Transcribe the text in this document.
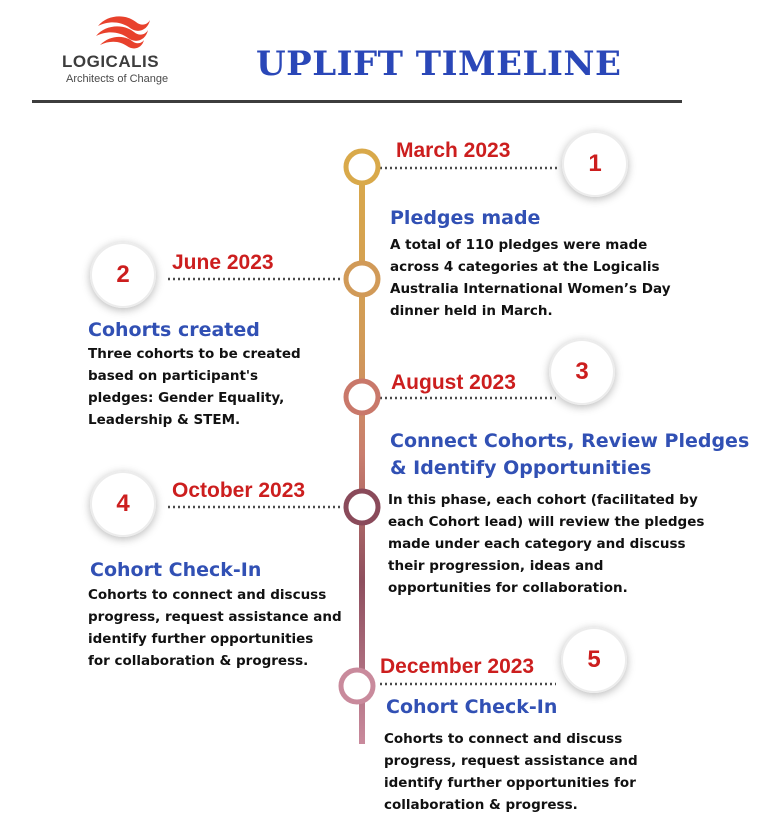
LOGICALIS
Architects of Change	UPLIFT TIMELINE
March 2023	1
Pledges made
A total of 110 pledges were made
across 4 categories at the Logicalis
Australia International Women’s Day
dinner held in March.
June 2023
2
Cohorts created
Three cohorts to be created
based on participant's
pledges: Gender Equality,
Leadership & STEM.
August 2023	3
Connect Cohorts, Review Pledges
& Identify Opportunities
In this phase, each cohort (facilitated by
each Cohort lead) will review the pledges
made under each category and discuss
their progression, ideas and
opportunities for collaboration.
October 2023
4
Cohort Check-In
Cohorts to connect and discuss
progress, request assistance and
identify further opportunities
for collaboration & progress.	December 2023	5
Cohort Check-In
Cohorts to connect and discuss
progress, request assistance and
identify further opportunities for
collaboration & progress.
